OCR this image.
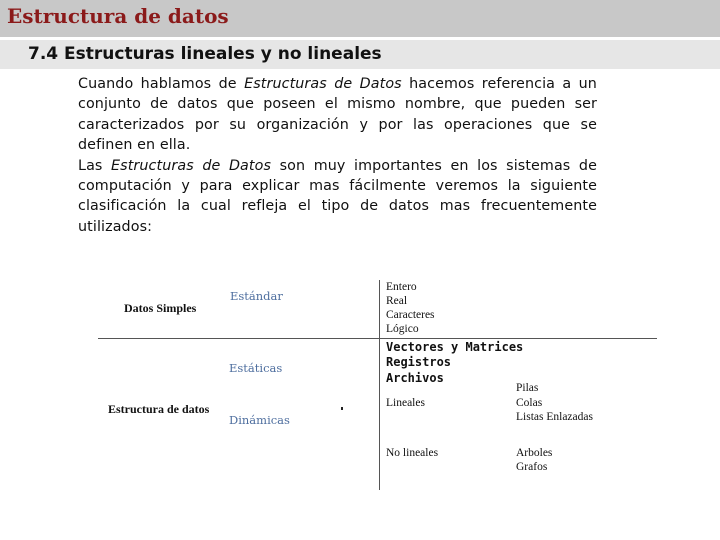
Estructura de datos
7.4 Estructuras lineales y no lineales

Cuando hablamos de Estructuras de Datos hacemos referencia a un conjunto de datos que poseen el mismo nombre, que pueden ser caracterizados por su organización y por las operaciones que se definen en ella.

Las Estructuras de Datos son muy importantes en los sistemas de computación y para explicar mas fácilmente veremos la siguiente clasificación la cual refleja el tipo de datos mas frecuentemente utilizados:

Datos Simples
Estándar
Entero
Real
Caracteres
Lógico
Estructura de datos
Estáticas
Dinámicas
Vectores y Matrices
Registros
Archivos
Lineales
Pilas
Colas
Listas Enlazadas
No lineales	Arboles
Grafos
